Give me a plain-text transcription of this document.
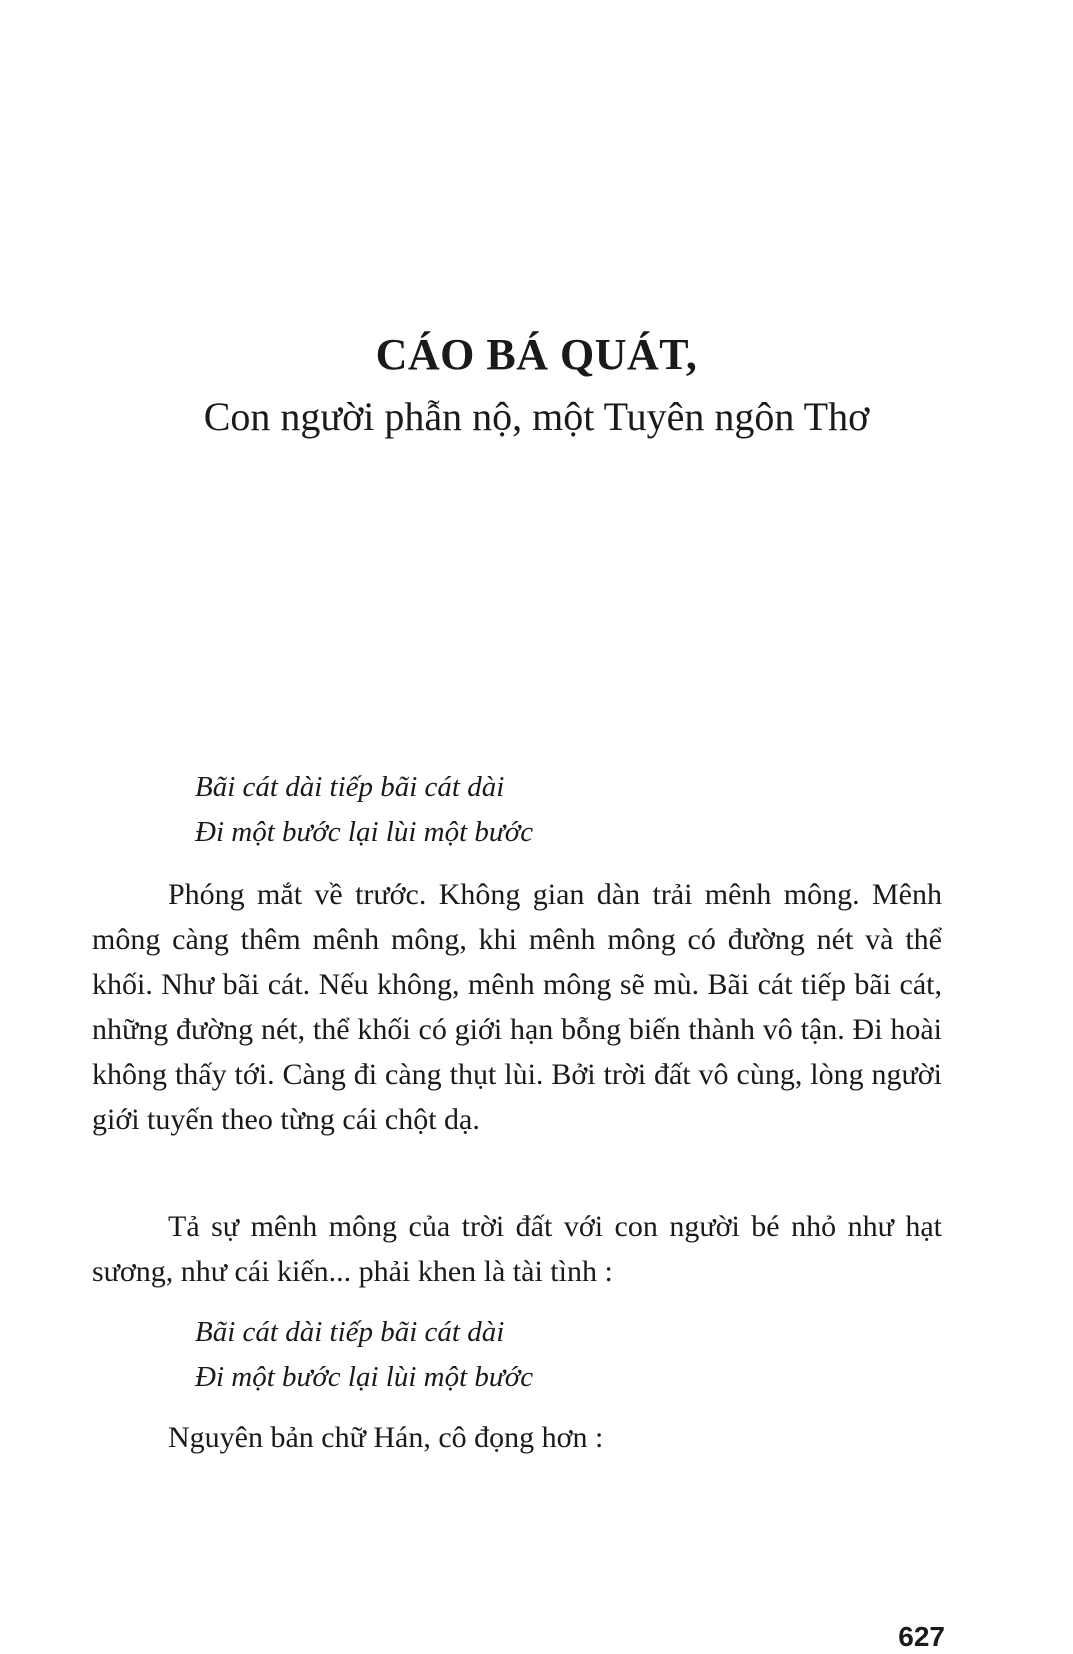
CÁO BÁ QUÁT,
Con người phẫn nộ, một Tuyên ngôn Thơ
Bãi cát dài tiếp bãi cát dài
Đi một bước lại lùi một bước

Phóng mắt về trước. Không gian dàn trải mênh mông. Mênh mông càng thêm mênh mông, khi mênh mông có đường nét và thể khối. Như bãi cát. Nếu không, mênh mông sẽ mù. Bãi cát tiếp bãi cát, những đường nét, thể khối có giới hạn bỗng biến thành vô tận. Đi hoài không thấy tới. Càng đi càng thụt lùi. Bởi trời đất vô cùng, lòng người giới tuyến theo từng cái chột dạ.

Tả sự mênh mông của trời đất với con người bé nhỏ như hạt sương, như cái kiến... phải khen là tài tình :

Bãi cát dài tiếp bãi cát dài
Đi một bước lại lùi một bước

Nguyên bản chữ Hán, cô đọng hơn :

627
